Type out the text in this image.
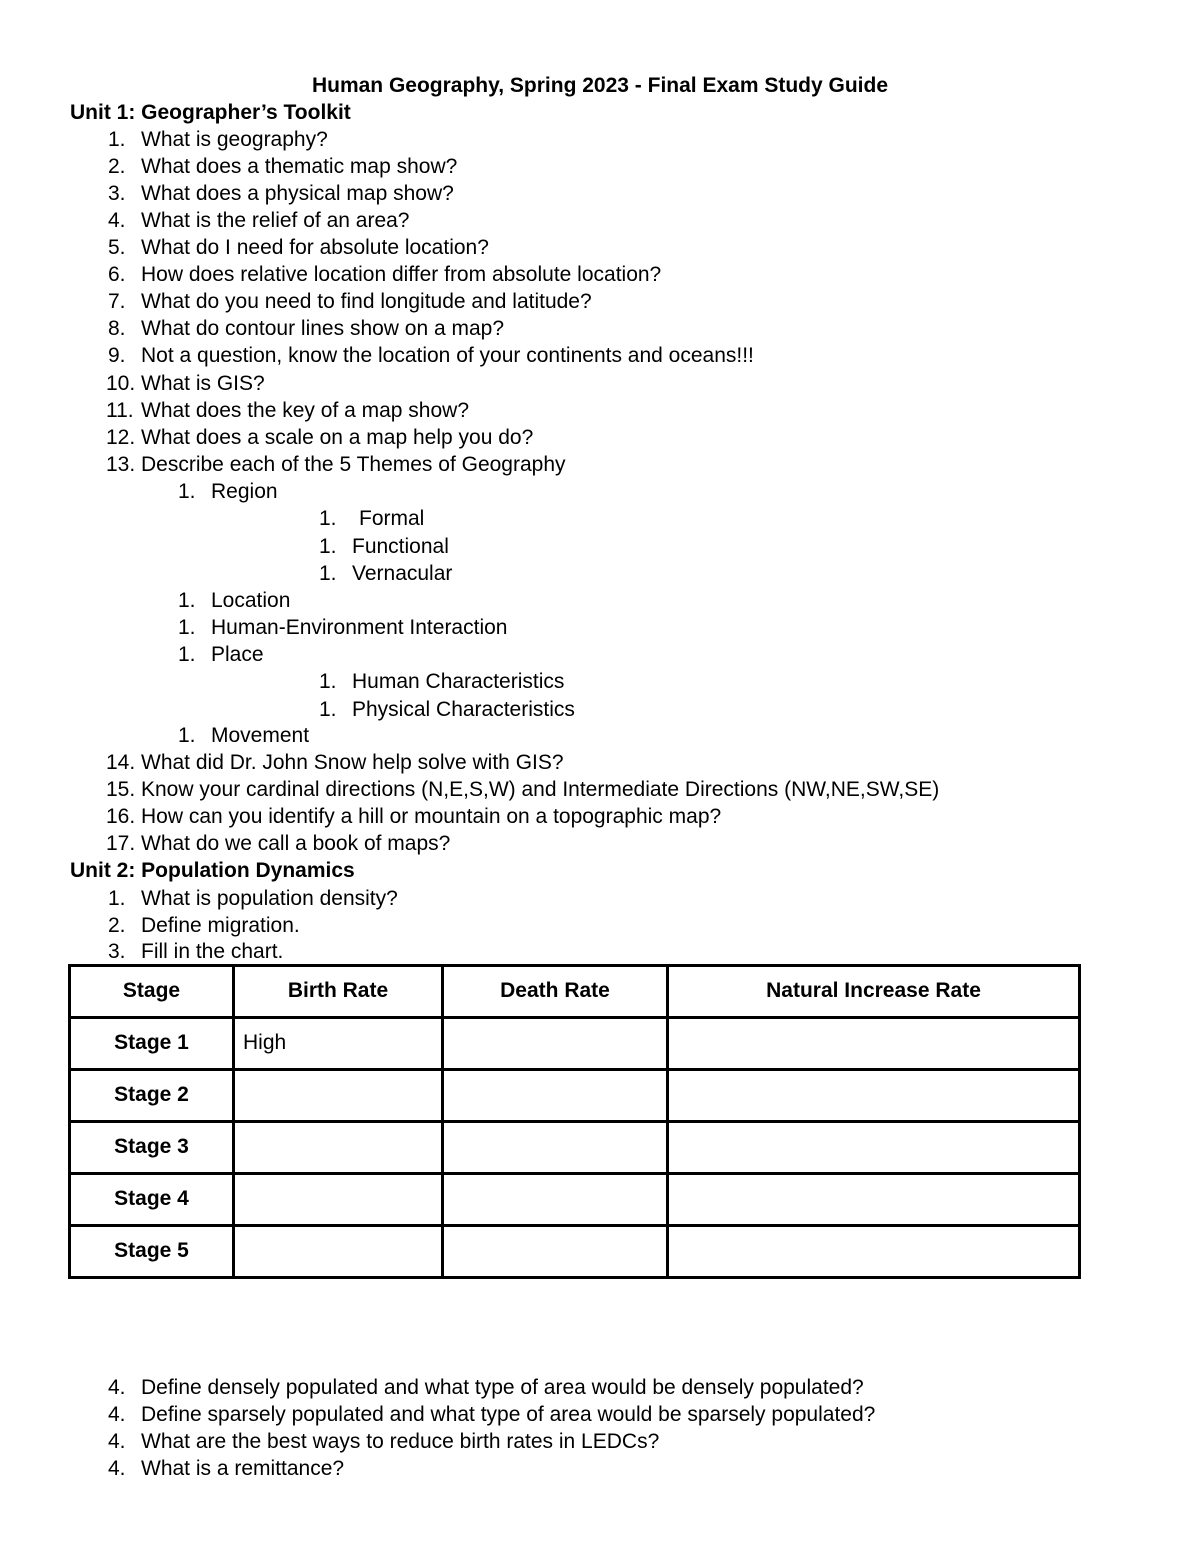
Human Geography, Spring 2023 - Final Exam Study Guide
Unit 1: Geographer’s Toolkit
1. What is geography?
2. What does a thematic map show?
3. What does a physical map show?
4. What is the relief of an area?
5. What do I need for absolute location?
6. How does relative location differ from absolute location?
7. What do you need to find longitude and latitude?
8. What do contour lines show on a map?
9. Not a question, know the location of your continents and oceans!!!
10. What is GIS?
11. What does the key of a map show?
12. What does a scale on a map help you do?
13. Describe each of the 5 Themes of Geography
1. Region
1. Formal
1. Functional
1. Vernacular
1. Location
1. Human-Environment Interaction
1. Place
1. Human Characteristics
1. Physical Characteristics
1. Movement
14. What did Dr. John Snow help solve with GIS?
15. Know your cardinal directions (N,E,S,W) and Intermediate Directions (NW,NE,SW,SE)
16. How can you identify a hill or mountain on a topographic map?
17. What do we call a book of maps?
Unit 2: Population Dynamics
1. What is population density?
2. Define migration.
3. Fill in the chart.
Stage	Birth Rate	Death Rate	Natural Increase Rate
Stage 1	High		
Stage 2			
Stage 3			
Stage 4			
Stage 5			
4. Define densely populated and what type of area would be densely populated?
4. Define sparsely populated and what type of area would be sparsely populated?
4. What are the best ways to reduce birth rates in LEDCs?
4. What is a remittance?
